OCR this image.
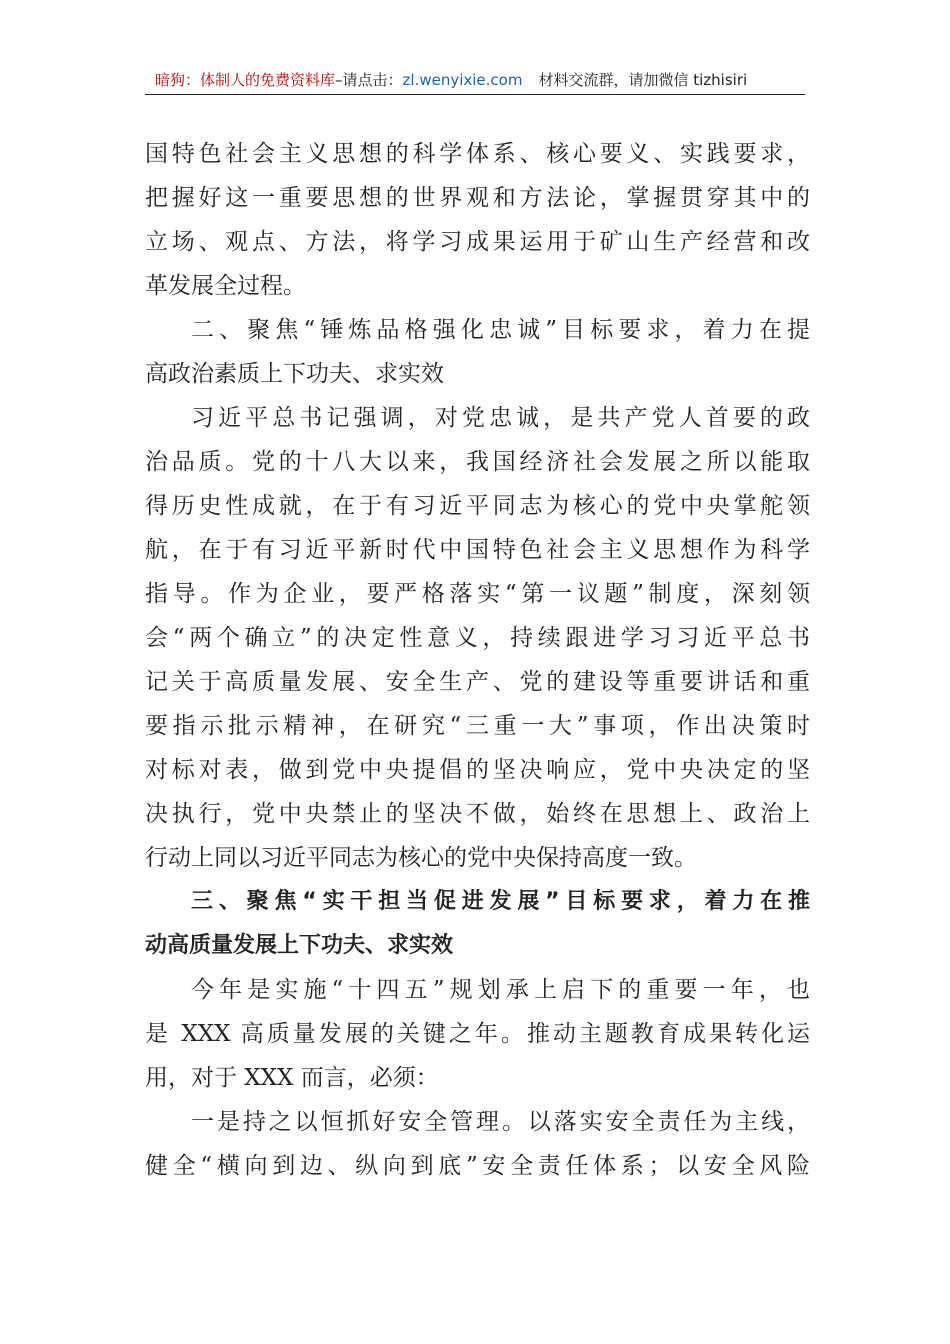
暗狗：体制人的免费资料库–请点击：zl.wenyixie.com 材料交流群，请加微信 tizhisiri
国特色社会主义思想的科学体系、核心要义、实践要求，
把握好这一重要思想的世界观和方法论，掌握贯穿其中的
立场、观点、方法，将学习成果运用于矿山生产经营和改
革发展全过程。
二、聚焦“锤炼品格强化忠诚”目标要求，着力在提
高政治素质上下功夫、求实效
习近平总书记强调，对党忠诚，是共产党人首要的政
治品质。党的十八大以来，我国经济社会发展之所以能取
得历史性成就，在于有习近平同志为核心的党中央掌舵领
航，在于有习近平新时代中国特色社会主义思想作为科学
指导。作为企业，要严格落实“第一议题”制度，深刻领
会“两个确立”的决定性意义，持续跟进学习习近平总书
记关于高质量发展、安全生产、党的建设等重要讲话和重
要指示批示精神，在研究“三重一大”事项，作出决策时
对标对表，做到党中央提倡的坚决响应，党中央决定的坚
决执行，党中央禁止的坚决不做，始终在思想上、政治上
行动上同以习近平同志为核心的党中央保持高度一致。
三、聚焦“实干担当促进发展”目标要求，着力在推
动高质量发展上下功夫、求实效
今年是实施“十四五”规划承上启下的重要一年，也
是 XXX 高质量发展的关键之年。推动主题教育成果转化运
用，对于 XXX 而言，必须：
一是持之以恒抓好安全管理。以落实安全责任为主线，
健全“横向到边、纵向到底”安全责任体系；以安全风险
